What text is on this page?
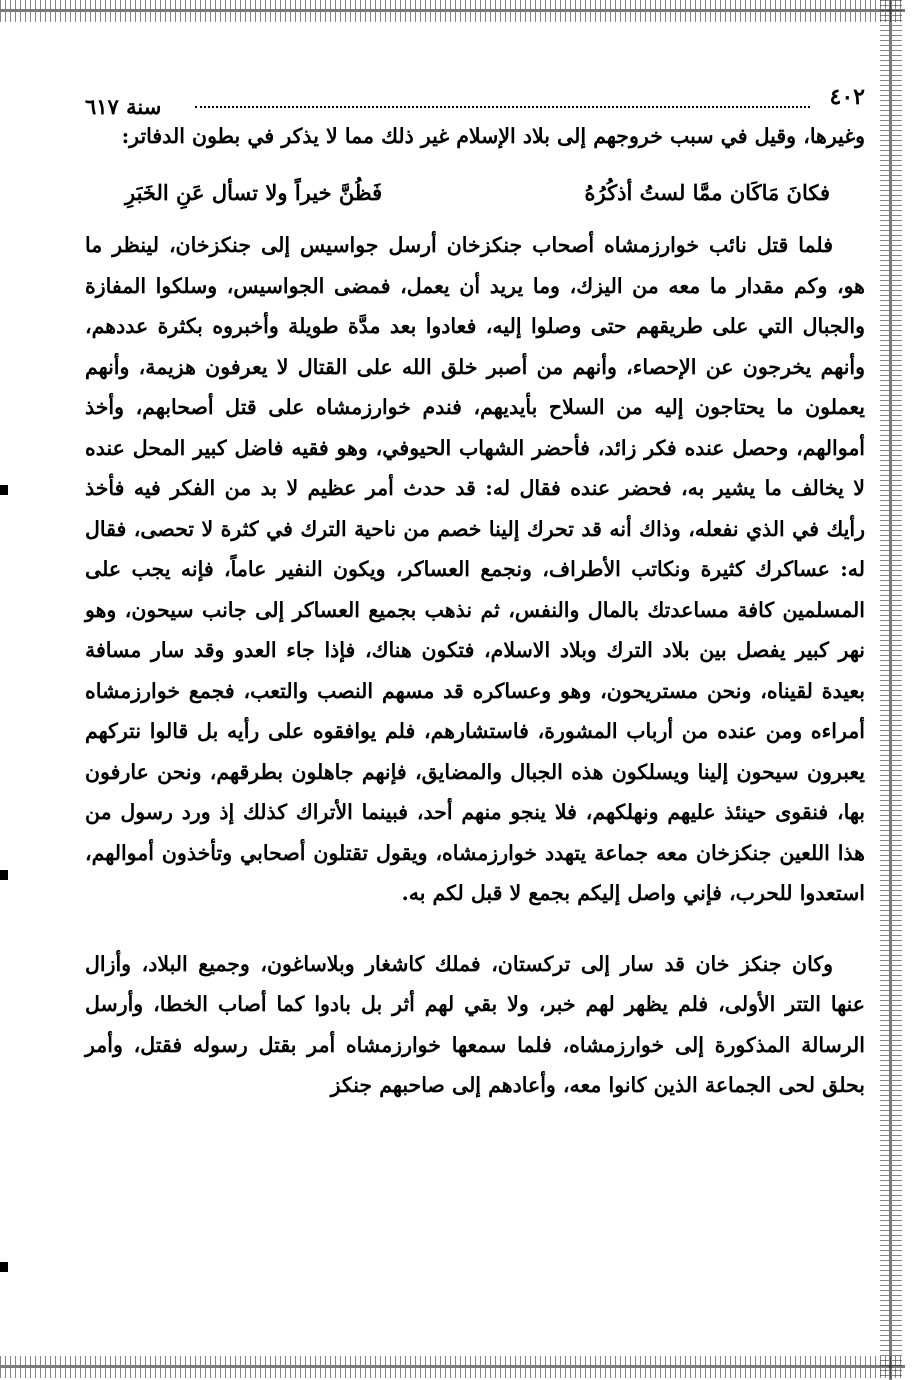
٤٠٢
سنة ٦١٧

وغيرها، وقيل في سبب خروجهم إلى بلاد الإسلام غير ذلك مما لا يذكر في بطون الدفاتر:

فكانَ مَاكَان ممَّا لستُ أذكُرُهُ
فَظُنَّ خيراً ولا تسأل عَنِ الخَبَرِ

فلما قتل نائب خوارزمشاه أصحاب جنكزخان أرسل جواسيس إلى جنكزخان، لينظر ما هو، وكم مقدار ما معه من اليزك، وما يريد أن يعمل، فمضى الجواسيس، وسلكوا المفازة والجبال التي على طريقهم حتى وصلوا إليه، فعادوا بعد مدَّة طويلة وأخبروه بكثرة عددهم، وأنهم يخرجون عن الإحصاء، وأنهم من أصبر خلق الله على القتال لا يعرفون هزيمة، وأنهم يعملون ما يحتاجون إليه من السلاح بأيديهم، فندم خوارزمشاه على قتل أصحابهم، وأخذ أموالهم، وحصل عنده فكر زائد، فأحضر الشهاب الحيوفي، وهو فقيه فاضل كبير المحل عنده لا يخالف ما يشير به، فحضر عنده فقال له: قد حدث أمر عظيم لا بد من الفكر فيه فأخذ رأيك في الذي نفعله، وذاك أنه قد تحرك إلينا خصم من ناحية الترك في كثرة لا تحصى، فقال له: عساكرك كثيرة ونكاتب الأطراف، ونجمع العساكر، ويكون النفير عاماً، فإنه يجب على المسلمين كافة مساعدتك بالمال والنفس، ثم نذهب بجميع العساكر إلى جانب سيحون، وهو نهر كبير يفصل بين بلاد الترك وبلاد الاسلام، فتكون هناك، فإذا جاء العدو وقد سار مسافة بعيدة لقيناه، ونحن مستريحون، وهو وعساكره قد مسهم النصب والتعب، فجمع خوارزمشاه أمراءه ومن عنده من أرباب المشورة، فاستشارهم، فلم يوافقوه على رأيه بل قالوا نتركهم يعبرون سيحون إلينا ويسلكون هذه الجبال والمضايق، فإنهم جاهلون بطرقهم، ونحن عارفون بها، فنقوى حينئذ عليهم ونهلكهم، فلا ينجو منهم أحد، فبينما الأتراك كذلك إذ ورد رسول من هذا اللعين جنكزخان معه جماعة يتهدد خوارزمشاه، ويقول تقتلون أصحابي وتأخذون أموالهم، استعدوا للحرب، فإني واصل إليكم بجمع لا قبل لكم به.

وكان جنكز خان قد سار إلى تركستان، فملك كاشغار وبلاساغون، وجميع البلاد، وأزال عنها التتر الأولى، فلم يظهر لهم خبر، ولا بقي لهم أثر بل بادوا كما أصاب الخطا، وأرسل الرسالة المذكورة إلى خوارزمشاه، فلما سمعها خوارزمشاه أمر بقتل رسوله فقتل، وأمر بحلق لحى الجماعة الذين كانوا معه، وأعادهم إلى صاحبهم جنكز
